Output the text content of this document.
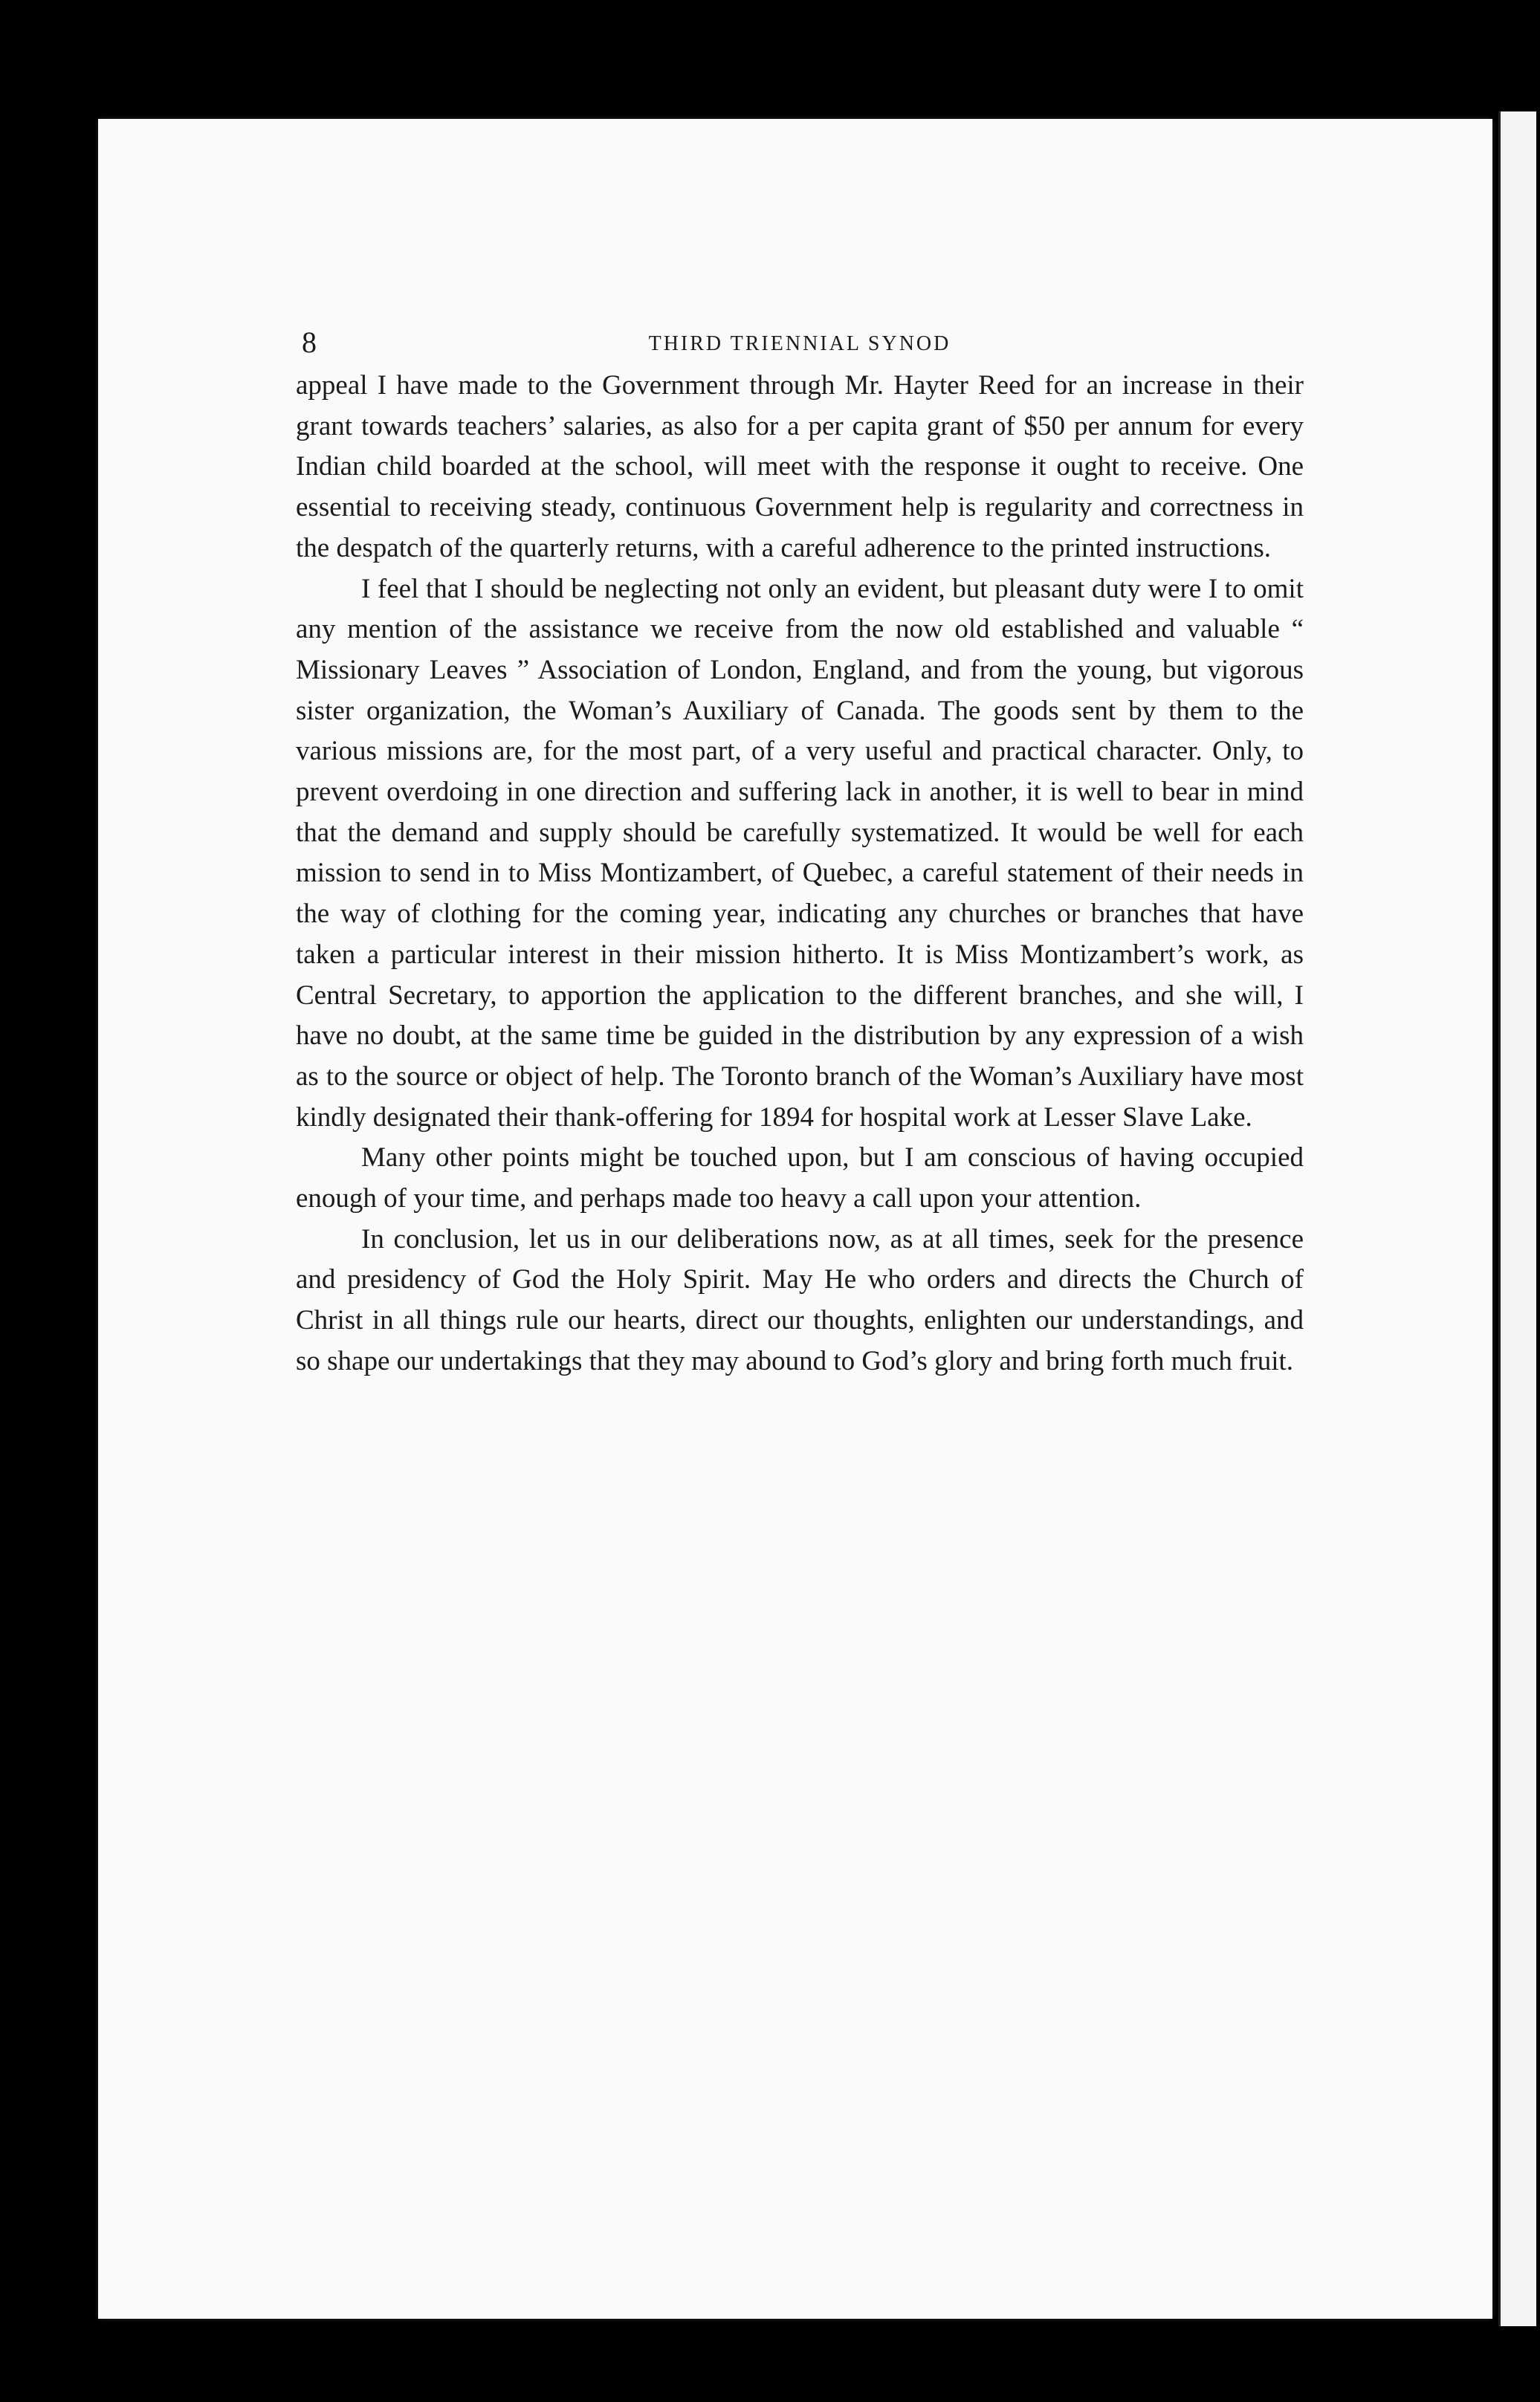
8	THIRD TRIENNIAL SYNOD

appeal I have made to the Government through Mr. Hayter Reed for an increase in their grant towards teachers’ salaries, as also for a per capita grant of $50 per annum for every Indian child boarded at the school, will meet with the response it ought to receive. One essential to receiving steady, continuous Government help is regularity and correctness in the despatch of the quarterly returns, with a careful adherence to the printed instructions.

I feel that I should be neglecting not only an evident, but pleasant duty were I to omit any mention of the assistance we receive from the now old established and valuable “ Missionary Leaves ” Association of London, England, and from the young, but vigorous sister organization, the Woman’s Auxiliary of Canada. The goods sent by them to the various missions are, for the most part, of a very useful and practical character. Only, to prevent overdoing in one direction and suffering lack in another, it is well to bear in mind that the demand and supply should be carefully systematized. It would be well for each mission to send in to Miss Montizambert, of Quebec, a careful statement of their needs in the way of clothing for the coming year, indicating any churches or branches that have taken a particular interest in their mission hitherto. It is Miss Montizambert’s work, as Central Secretary, to apportion the application to the different branches, and she will, I have no doubt, at the same time be guided in the distribution by any expression of a wish as to the source or object of help. The Toronto branch of the Woman’s Auxiliary have most kindly designated their thank-offering for 1894 for hospital work at Lesser Slave Lake.

Many other points might be touched upon, but I am conscious of having occupied enough of your time, and perhaps made too heavy a call upon your attention.

In conclusion, let us in our deliberations now, as at all times, seek for the presence and presidency of God the Holy Spirit. May He who orders and directs the Church of Christ in all things rule our hearts, direct our thoughts, enlighten our understandings, and so shape our undertakings that they may abound to God’s glory and bring forth much fruit.
